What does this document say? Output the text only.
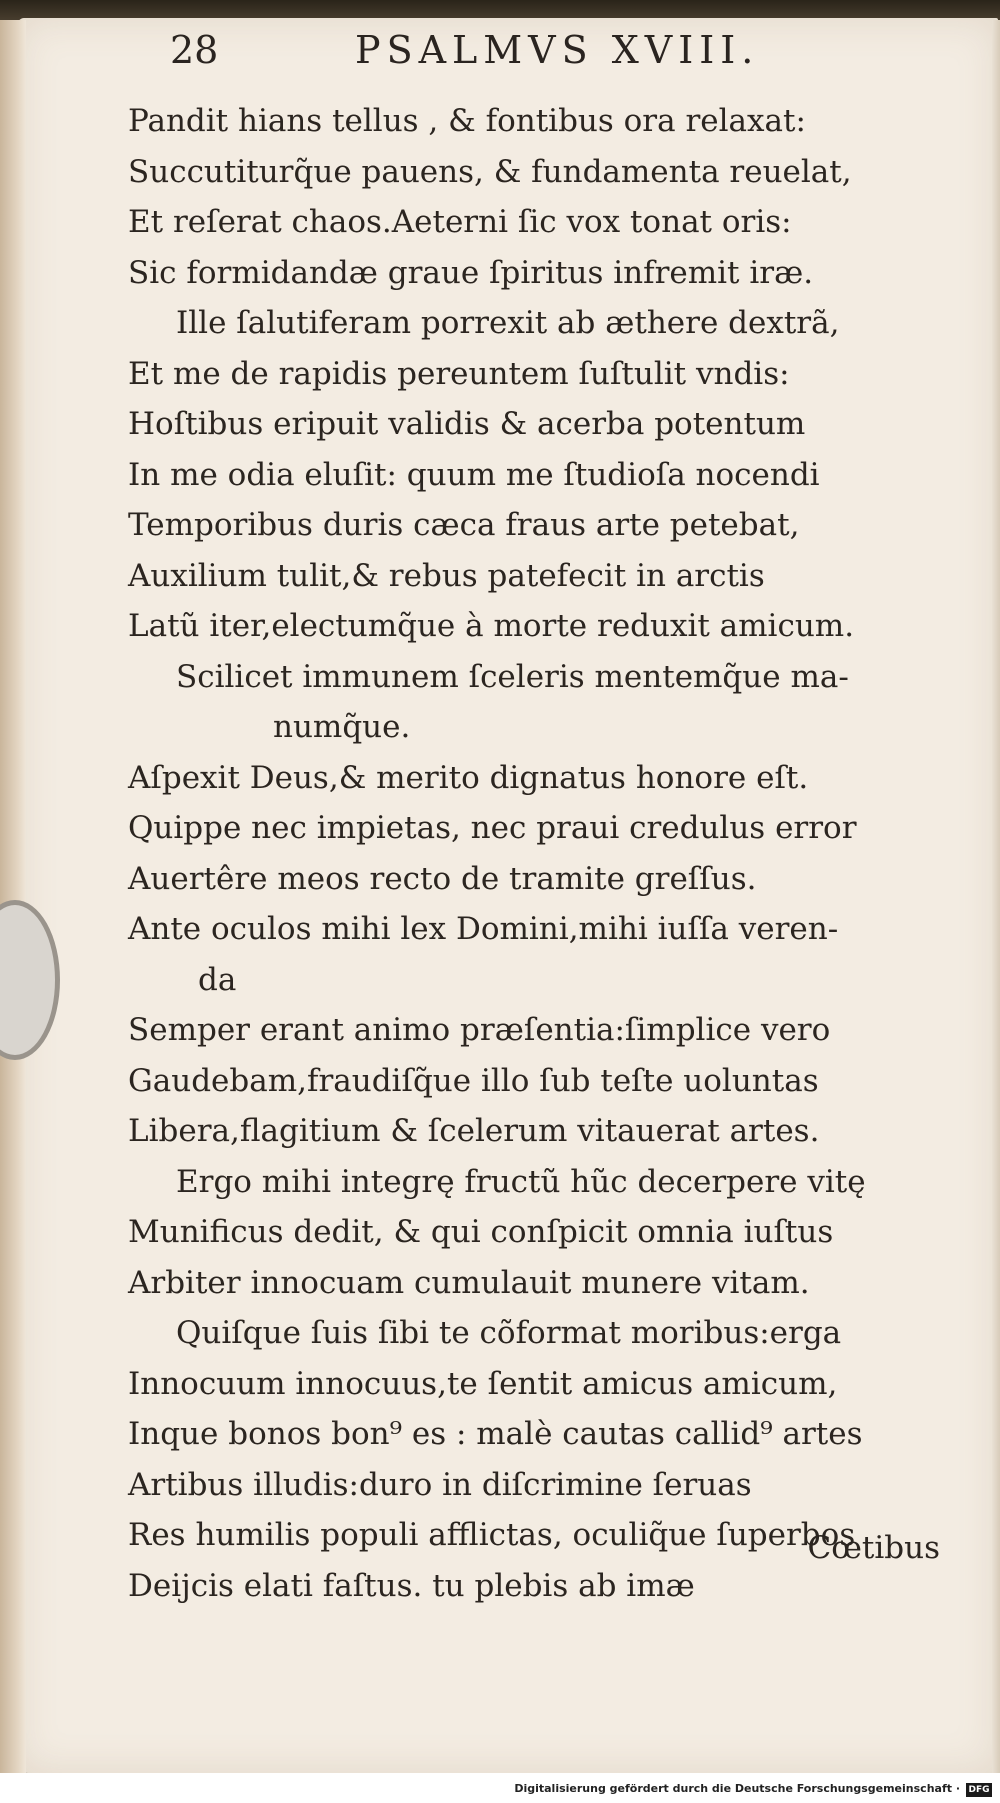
28	PSALMVS XVIII.
Pandit hians tellus , & fontibus ora relaxat:
Succutiturq̃ue pauens, & fundamenta reuelat,
Et reſerat chaos.Aeterni ſic vox tonat oris:
Sic formidandæ graue ſpiritus infremit iræ.
Ille ſalutiferam porrexit ab æthere dextrã,
Et me de rapidis pereuntem ſuſtulit vndis:
Hoſtibus eripuit validis & acerba potentum
In me odia eluſit: quum me ſtudioſa nocendi
Temporibus duris cæca fraus arte petebat,
Auxilium tulit,& rebus patefecit in arctis
Latũ iter,electumq̃ue à morte reduxit amicum.
Scilicet immunem ſceleris mentemq̃ue ma-
numq̃ue.
Aſpexit Deus,& merito dignatus honore eſt.
Quippe nec impietas, nec praui credulus error
Auertêre meos recto de tramite greſſus.
Ante oculos mihi lex Domini,mihi iuſſa veren-
da
Semper erant animo præſentia:ſimplice vero
Gaudebam,fraudiſq̃ue illo ſub teſte uoluntas
Libera,flagitium & ſcelerum vitauerat artes.
Ergo mihi integrę fructũ hũc decerpere vitę
Munificus dedit, & qui conſpicit omnia iuſtus
Arbiter innocuam cumulauit munere vitam.
Quiſque ſuis ſibi te cõformat moribus:erga
Innocuum innocuus,te ſentit amicus amicum,
Inque bonos bon⁹ es : malè cautas callid⁹ artes
Artibus illudis:duro in diſcrimine ſeruas
Res humilis populi afflictas, oculiq̃ue ſuperbos
Deijcis elati faſtus. tu plebis ab imæ
Cœtibus
Digitalisierung gefördert durch die Deutsche Forschungsgemeinschaft · DFG
